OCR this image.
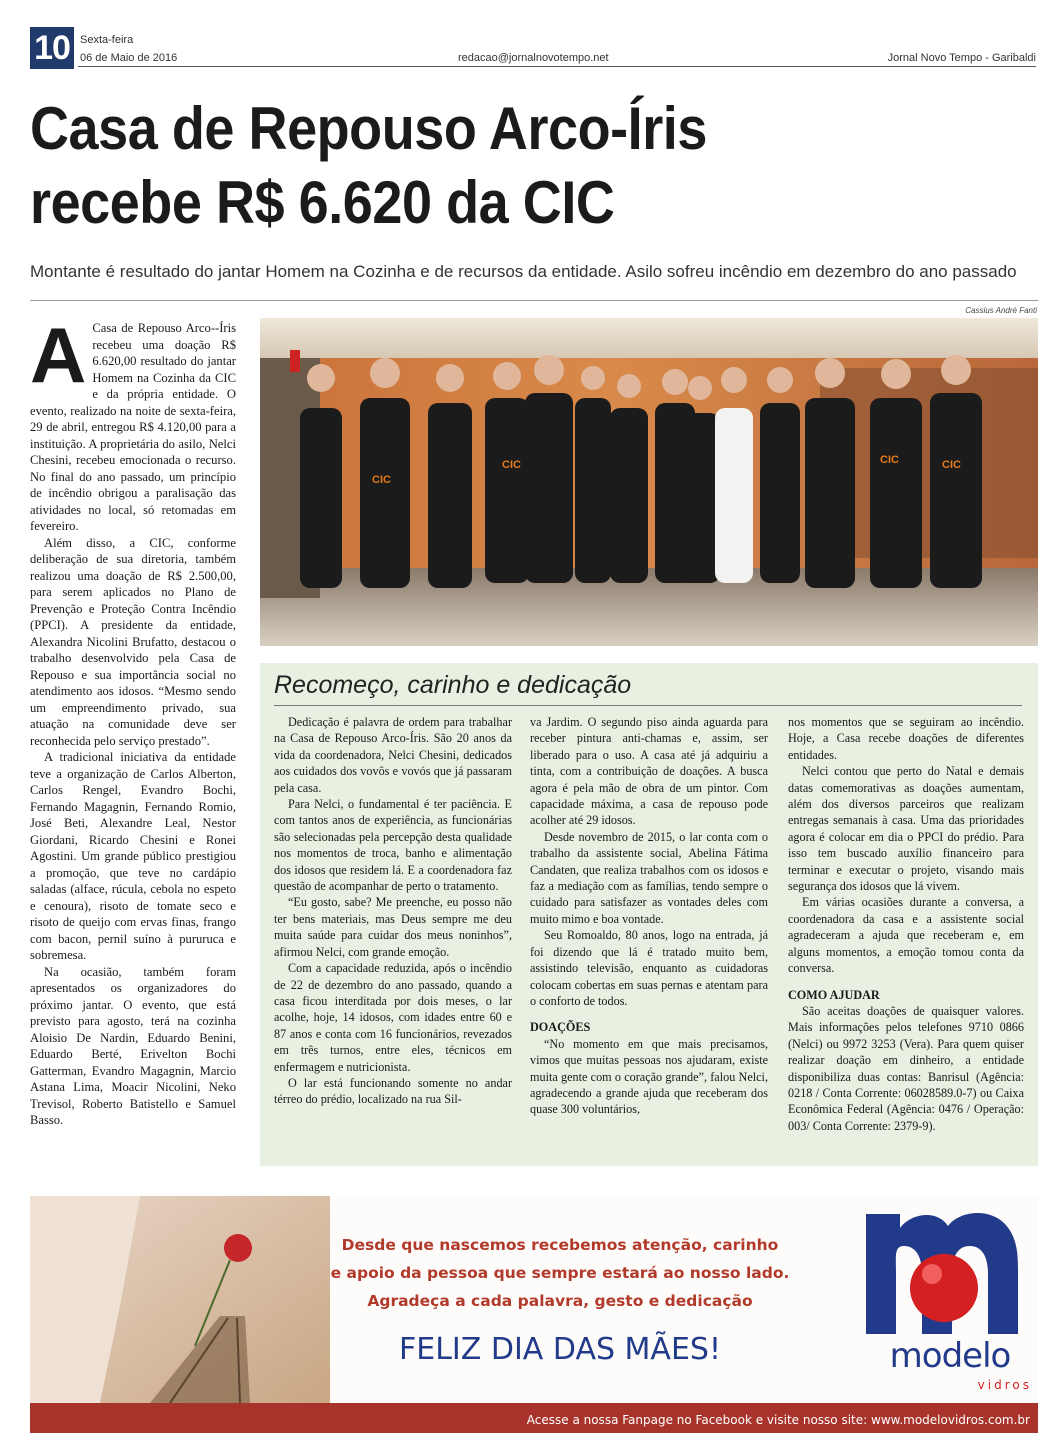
10 Sexta-feira
06 de Maio de 2016	redacao@jornalnovotempo.net	Jornal Novo Tempo - Garibaldi
Casa de Repouso Arco-Íris
recebe R$ 6.620 da CIC
Montante é resultado do jantar Homem na Cozinha e de recursos da entidade. Asilo sofreu incêndio em dezembro do ano passado
Cassius André Fanti
A Casa de Repouso Arco--Íris recebeu uma doação R$ 6.620,00 resultado do jantar Homem na Cozinha da CIC e da própria entidade. O evento, realizado na noite de sexta-feira, 29 de abril, entregou R$ 4.120,00 para a instituição. A proprietária do asilo, Nelci Chesini, recebeu emocionada o recurso. No final do ano passado, um princípio de incêndio obrigou a paralisação das atividades no local, só retomadas em fevereiro.

Além disso, a CIC, conforme deliberação de sua diretoria, também realizou uma doação de R$ 2.500,00, para serem aplicados no Plano de Prevenção e Proteção Contra Incêndio (PPCI). A presidente da entidade, Alexandra Nicolini Brufatto, destacou o trabalho desenvolvido pela Casa de Repouso e sua importância social no atendimento aos idosos. “Mesmo sendo um empreendimento privado, sua atuação na comunidade deve ser reconhecida pelo serviço prestado”.

A tradicional iniciativa da entidade teve a organização de Carlos Alberton, Carlos Rengel, Evandro Bochi, Fernando Magagnin, Fernando Romio, José Beti, Alexandre Leal, Nestor Giordani, Ricardo Chesini e Ronei Agostini. Um grande público prestigiou a promoção, que teve no cardápio saladas (alface, rúcula, cebola no espeto e cenoura), risoto de tomate seco e risoto de queijo com ervas finas, frango com bacon, pernil suíno à pururuca e sobremesa.

Na ocasião, também foram apresentados os organizadores do próximo jantar. O evento, que está previsto para agosto, terá na cozinha Aloisio De Nardin, Eduardo Benini, Eduardo Berté, Erivelton Bochi Gatterman, Evandro Magagnin, Marcio Astana Lima, Moacir Nicolini, Neko Trevisol, Roberto Batistello e Samuel Basso.

CIC
CIC	CIC	CIC
Recomeço, carinho e dedicação

Dedicação é palavra de ordem para trabalhar na Casa de Repouso Arco-Íris. São 20 anos da vida da coordenadora, Nelci Chesini, dedicados aos cuidados dos vovôs e vovós que já passaram pela casa.

Para Nelci, o fundamental é ter paciência. E com tantos anos de experiência, as funcionárias são selecionadas pela percepção desta qualidade nos momentos de troca, banho e alimentação dos idosos que residem lá. E a coordenadora faz questão de acompanhar de perto o tratamento.

“Eu gosto, sabe? Me preenche, eu posso não ter bens materiais, mas Deus sempre me deu muita saúde para cuidar dos meus noninhos”, afirmou Nelci, com grande emoção.

Com a capacidade reduzida, após o incêndio de 22 de dezembro do ano passado, quando a casa ficou interditada por dois meses, o lar acolhe, hoje, 14 idosos, com idades entre 60 e 87 anos e conta com 16 funcionários, revezados em três turnos, entre eles, técnicos em enfermagem e nutricionista.

O lar está funcionando somente no andar térreo do prédio, localizado na rua Sil-

va Jardim. O segundo piso ainda aguarda para receber pintura anti-chamas e, assim, ser liberado para o uso. A casa até já adquiriu a tinta, com a contribuição de doações. A busca agora é pela mão de obra de um pintor. Com capacidade máxima, a casa de repouso pode acolher até 29 idosos.

Desde novembro de 2015, o lar conta com o trabalho da assistente social, Abelina Fátima Candaten, que realiza trabalhos com os idosos e faz a mediação com as famílias, tendo sempre o cuidado para satisfazer as vontades deles com muito mimo e boa vontade.

Seu Romoaldo, 80 anos, logo na entrada, já foi dizendo que lá é tratado muito bem, assistindo televisão, enquanto as cuidadoras colocam cobertas em suas pernas e atentam para o conforto de todos.

DOAÇÕES

“No momento em que mais precisamos, vimos que muitas pessoas nos ajudaram, existe muita gente com o coração grande”, falou Nelci, agradecendo a grande ajuda que receberam dos quase 300 voluntários,

nos momentos que se seguiram ao incêndio. Hoje, a Casa recebe doações de diferentes entidades.

Nelci contou que perto do Natal e demais datas comemorativas as doações aumentam, além dos diversos parceiros que realizam entregas semanais à casa. Uma das prioridades agora é colocar em dia o PPCI do prédio. Para isso tem buscado auxílio financeiro para terminar e executar o projeto, visando mais segurança dos idosos que lá vivem.

Em várias ocasiões durante a conversa, a coordenadora da casa e a assistente social agradeceram a ajuda que receberam e, em alguns momentos, a emoção tomou conta da conversa.

COMO AJUDAR

São aceitas doações de quaisquer valores. Mais informações pelos telefones 9710 0866 (Nelci) ou 9972 3253 (Vera). Para quem quiser realizar doação em dinheiro, a entidade disponibiliza duas contas: Banrisul (Agência: 0218 / Conta Corrente: 06028589.0-7) ou Caixa Econômica Federal (Agência: 0476 / Operação: 003/ Conta Corrente: 2379-9).

Desde que nascemos recebemos atenção, carinho
e apoio da pessoa que sempre estará ao nosso lado.
Agradeça a cada palavra, gesto e dedicação
FELIZ DIA DAS MÃES!	modelo
vidros
Acesse a nossa Fanpage no Facebook e visite nosso site: www.modelovidros.com.br
